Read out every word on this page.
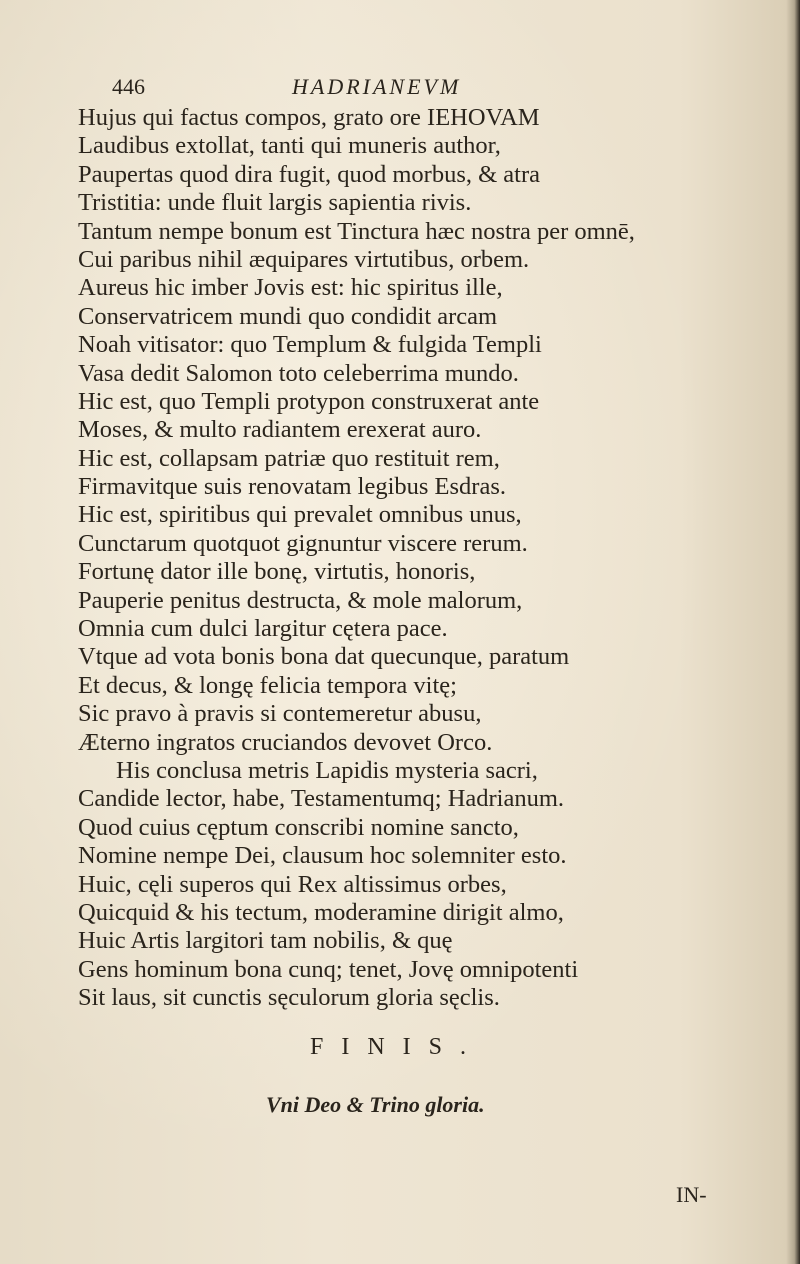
446	HADRIANEVM
Hujus qui factus compos, grato ore IEHOVAM
Laudibus extollat, tanti qui muneris author,
Paupertas quod dira fugit, quod morbus, & atra
Tristitia: unde fluit largis sapientia rivis.
Tantum nempe bonum est Tinctura hæc nostra per omnē,
Cui paribus nihil æquipares virtutibus, orbem.
Aureus hic imber Jovis est: hic spiritus ille,
Conservatricem mundi quo condidit arcam
Noah vitisator: quo Templum & fulgida Templi
Vasa dedit Salomon toto celeberrima mundo.
Hic est, quo Templi protypon construxerat ante
Moses, & multo radiantem erexerat auro.
Hic est, collapsam patriæ quo restituit rem,
Firmavitque suis renovatam legibus Esdras.
Hic est, spiritibus qui prevalet omnibus unus,
Cunctarum quotquot gignuntur viscere rerum.
Fortunę dator ille bonę, virtutis, honoris,
Pauperie penitus destructa, & mole malorum,
Omnia cum dulci largitur cętera pace.
Vtque ad vota bonis bona dat quecunque, paratum
Et decus, & longę felicia tempora vitę;
Sic pravo à pravis si contemeretur abusu,
Æterno ingratos cruciandos devovet Orco.
His conclusa metris Lapidis mysteria sacri,
Candide lector, habe, Testamentumq; Hadrianum.
Quod cuius cęptum conscribi nomine sancto,
Nomine nempe Dei, clausum hoc solemniter esto.
Huic, cęli superos qui Rex altissimus orbes,
Quicquid & his tectum, moderamine dirigit almo,
Huic Artis largitori tam nobilis, & quę
Gens hominum bona cunq; tenet, Jovę omnipotenti
Sit laus, sit cunctis sęculorum gloria sęclis.
FINIS.
Vni Deo & Trino gloria.
IN-
